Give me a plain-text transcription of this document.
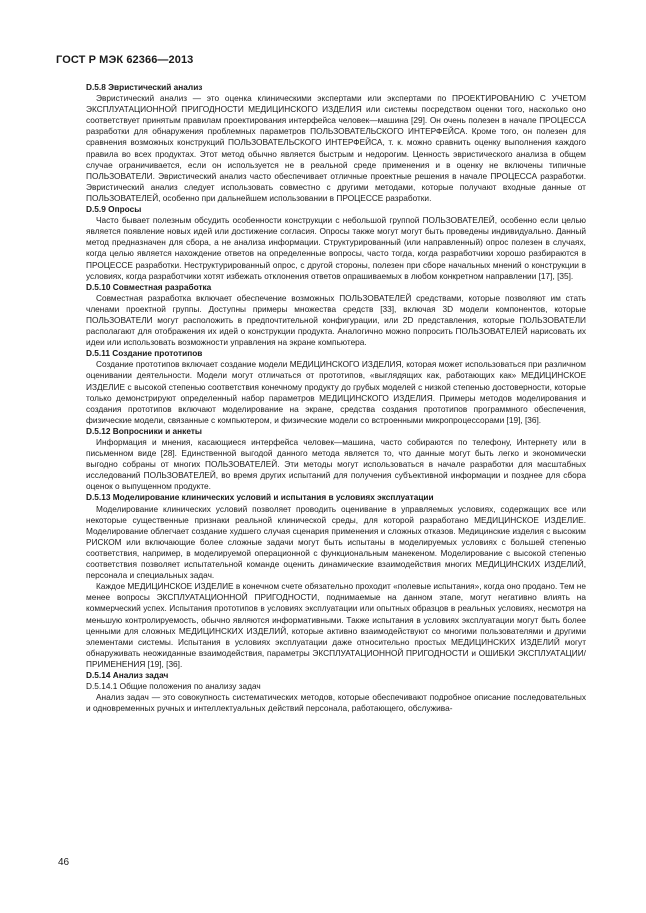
ГОСТ Р МЭК 62366—2013
D.5.8 Эвристический анализ
Эвристический анализ — это оценка клиническими экспертами или экспертами по ПРОЕКТИРОВАНИЮ С УЧЕТОМ ЭКСПЛУАТАЦИОННОЙ ПРИГОДНОСТИ МЕДИЦИНСКОГО ИЗДЕЛИЯ или системы посредством оценки того, насколько оно соответствует принятым правилам проектирования интерфейса человек—машина [29]. Он очень полезен в начале ПРОЦЕССА разработки для обнаружения проблемных параметров ПОЛЬЗОВАТЕЛЬСКОГО ИНТЕРФЕЙСА. Кроме того, он полезен для сравнения возможных конструкций ПОЛЬЗОВАТЕЛЬСКОГО ИНТЕРФЕЙСА, т. к. можно сравнить оценку выполнения каждого правила во всех продуктах. Этот метод обычно является быстрым и недорогим. Ценность эвристического анализа в общем случае ограничивается, если он используется не в реальной среде применения и в оценку не включены типичные ПОЛЬЗОВАТЕЛИ. Эвристический анализ часто обеспечивает отличные проектные решения в начале ПРОЦЕССА разработки. Эвристический анализ следует использовать совместно с другими методами, которые получают входные данные от ПОЛЬЗОВАТЕЛЕЙ, особенно при дальнейшем использовании в ПРОЦЕССЕ разработки.
D.5.9 Опросы
Часто бывает полезным обсудить особенности конструкции с небольшой группой ПОЛЬЗОВАТЕЛЕЙ, особенно если целью является появление новых идей или достижение согласия. Опросы также могут могут быть проведены индивидуально. Данный метод предназначен для сбора, а не анализа информации. Структурированный (или направленный) опрос полезен в случаях, когда целью является нахождение ответов на определенные вопросы, часто тогда, когда разработчики хорошо разбираются в ПРОЦЕССЕ разработки. Неструктурированный опрос, с другой стороны, полезен при сборе начальных мнений о конструкции в условиях, когда разработчики хотят избежать отклонения ответов опрашиваемых в любом конкретном направлении [17], [35].
D.5.10 Совместная разработка
Совместная разработка включает обеспечение возможных ПОЛЬЗОВАТЕЛЕЙ средствами, которые позволяют им стать членами проектной группы. Доступны примеры множества средств [33], включая 3D модели компонентов, которые ПОЛЬЗОВАТЕЛИ могут расположить в предпочтительной конфигурации, или 2D представления, которые ПОЛЬЗОВАТЕЛИ располагают для отображения их идей о конструкции продукта. Аналогично можно попросить ПОЛЬЗОВАТЕЛЕЙ нарисовать их идеи или использовать возможности управления на экране компьютера.
D.5.11 Создание прототипов
Создание прототипов включает создание модели МЕДИЦИНСКОГО ИЗДЕЛИЯ, которая может использоваться при различном оценивании деятельности. Модели могут отличаться от прототипов, «выглядящих как, работающих как» МЕДИЦИНСКОЕ ИЗДЕЛИЕ с высокой степенью соответствия конечному продукту до грубых моделей с низкой степенью достоверности, которые только демонстрируют определенный набор параметров МЕДИЦИНСКОГО ИЗДЕЛИЯ. Примеры методов моделирования и создания прототипов включают моделирование на экране, средства создания прототипов программного обеспечения, физические модели, связанные с компьютером, и физические модели со встроенными микропроцессорами [19], [36].
D.5.12 Вопросники и анкеты
Информация и мнения, касающиеся интерфейса человек—машина, часто собираются по телефону, Интернету или в письменном виде [28]. Единственной выгодой данного метода является то, что данные могут быть легко и экономически выгодно собраны от многих ПОЛЬЗОВАТЕЛЕЙ. Эти методы могут использоваться в начале разработки для масштабных исследований ПОЛЬЗОВАТЕЛЕЙ, во время других испытаний для получения субъективной информации и позднее для сбора оценок о выпущенном продукте.
D.5.13 Моделирование клинических условий и испытания в условиях эксплуатации
Моделирование клинических условий позволяет проводить оценивание в управляемых условиях, содержащих все или некоторые существенные признаки реальной клинической среды, для которой разработано МЕДИЦИНСКОЕ ИЗДЕЛИЕ. Моделирование облегчает создание худшего случая сценария применения и сложных отказов. Медицинские изделия с высоким РИСКОМ или включающие более сложные задачи могут быть испытаны в моделируемых условиях с большей степенью соответствия, например, в моделируемой операционной с функциональным манекеном. Моделирование с высокой степенью соответствия позволяет испытательной команде оценить динамические взаимодействия многих МЕДИЦИНСКИХ ИЗДЕЛИЙ, персонала и специальных задач.
Каждое МЕДИЦИНСКОЕ ИЗДЕЛИЕ в конечном счете обязательно проходит «полевые испытания», когда оно продано. Тем не менее вопросы ЭКСПЛУАТАЦИОННОЙ ПРИГОДНОСТИ, поднимаемые на данном этапе, могут негативно влиять на коммерческий успех. Испытания прототипов в условиях эксплуатации или опытных образцов в реальных условиях, несмотря на меньшую контролируемость, обычно являются информативными. Также испытания в условиях эксплуатации могут быть более ценными для сложных МЕДИЦИНСКИХ ИЗДЕЛИЙ, которые активно взаимодействуют со многими пользователями и другими элементами системы. Испытания в условиях эксплуатации даже относительно простых МЕДИЦИНСКИХ ИЗДЕЛИЙ могут обнаруживать неожиданные взаимодействия, параметры ЭКСПЛУАТАЦИОННОЙ ПРИГОДНОСТИ и ОШИБКИ ЭКСПЛУАТАЦИИ/ПРИМЕНЕНИЯ [19], [36].
D.5.14 Анализ задач
D.5.14.1 Общие положения по анализу задач
Анализ задач — это совокупность систематических методов, которые обеспечивают подробное описание последовательных и одновременных ручных и интеллектуальных действий персонала, работающего, обслужива-
46
